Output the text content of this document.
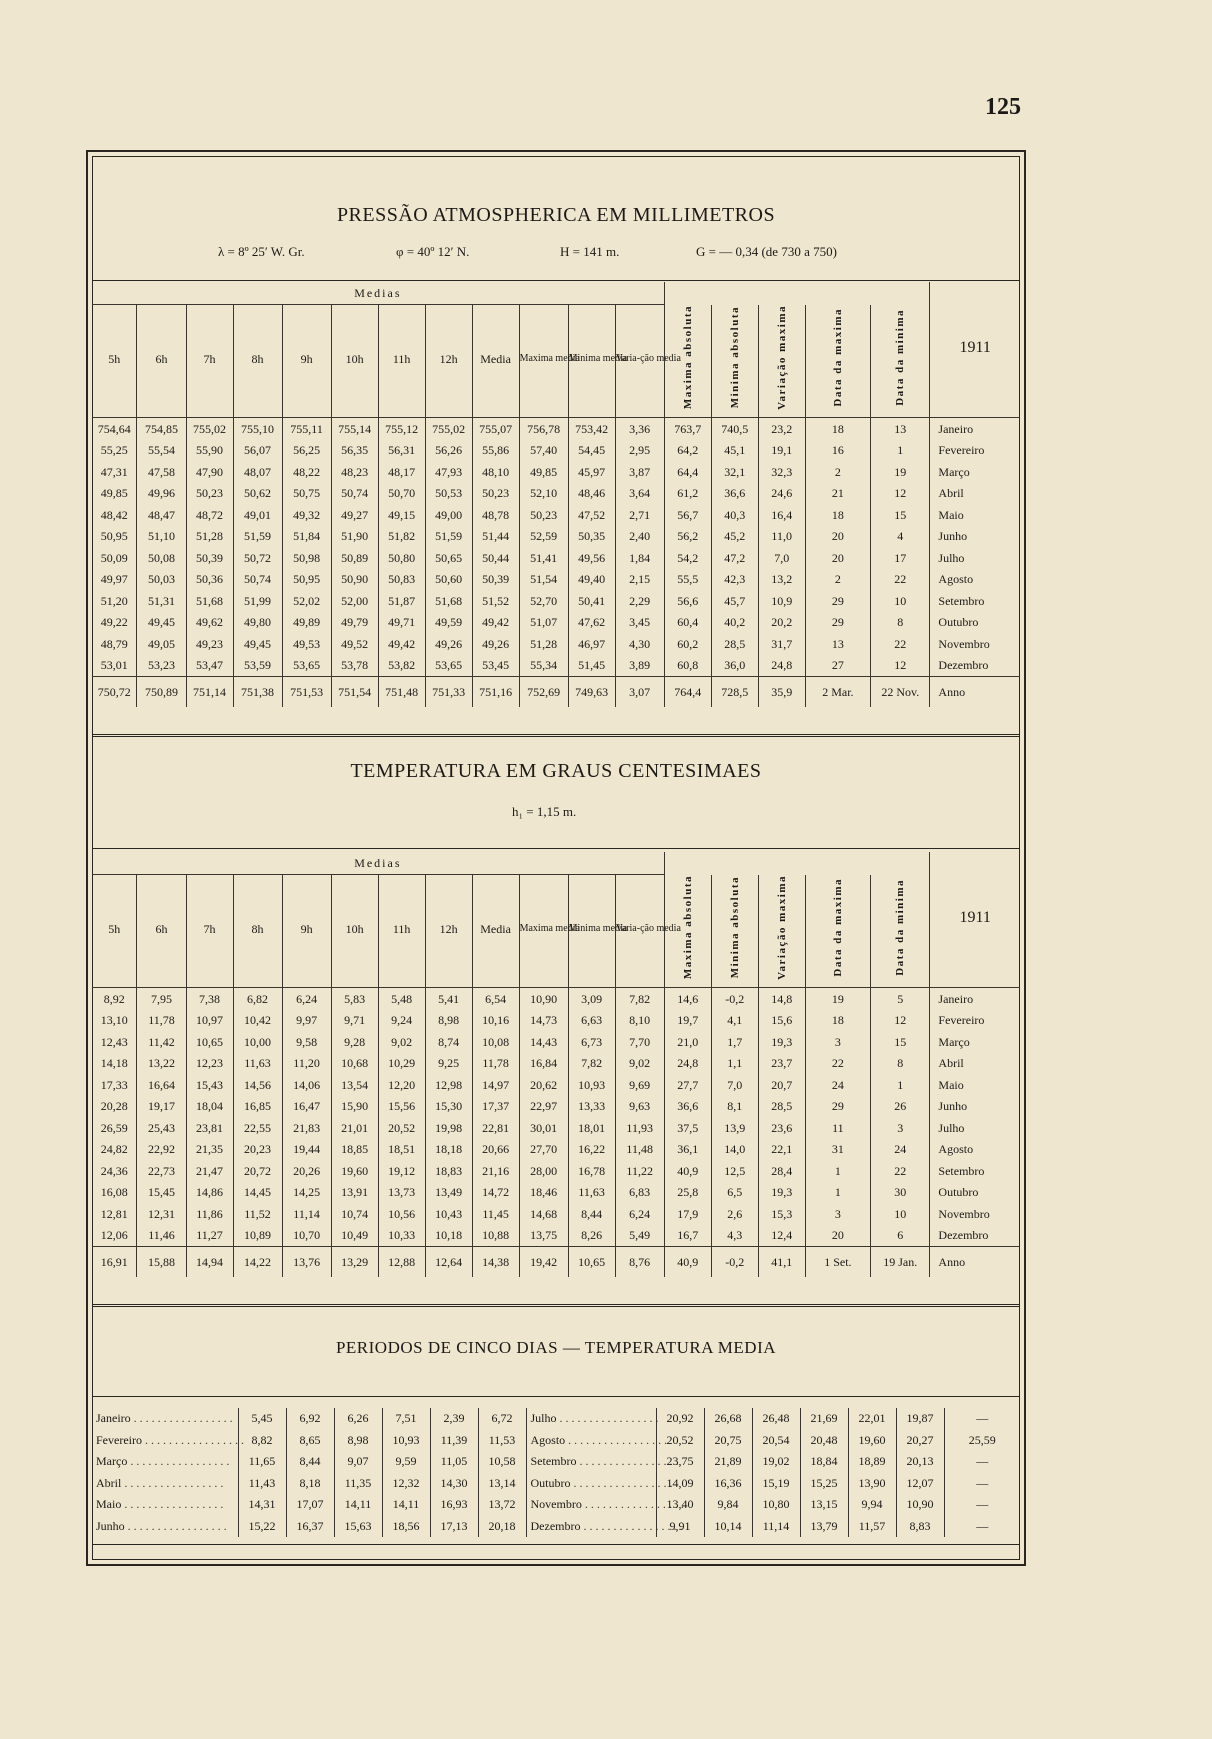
125
PRESSÃO ATMOSPHERICA EM MILLIMETROS
λ = 8º 25′ W. Gr.	φ = 40º 12′ N.	H = 141 m.	G = — 0,34 (de 730 a 750)
Medias																	1911
5h	6h	7h	8h	9h	10h	11h	12h	Media	Maxima media	Minima media	Varia-ção media	Maxima absoluta	Minima absoluta	Variação maxima	Data da maxima	Data da minima	

754,64	754,85	755,02	755,10	755,11	755,14	755,12	755,02	755,07	756,78	753,42	3,36	763,7	740,5	23,2	18	13	Janeiro
55,25	55,54	55,90	56,07	56,25	56,35	56,31	56,26	55,86	57,40	54,45	2,95	64,2	45,1	19,1	16	1	Fevereiro
47,31	47,58	47,90	48,07	48,22	48,23	48,17	47,93	48,10	49,85	45,97	3,87	64,4	32,1	32,3	2	19	Março
49,85	49,96	50,23	50,62	50,75	50,74	50,70	50,53	50,23	52,10	48,46	3,64	61,2	36,6	24,6	21	12	Abril
48,42	48,47	48,72	49,01	49,32	49,27	49,15	49,00	48,78	50,23	47,52	2,71	56,7	40,3	16,4	18	15	Maio
50,95	51,10	51,28	51,59	51,84	51,90	51,82	51,59	51,44	52,59	50,35	2,40	56,2	45,2	11,0	20	4	Junho
50,09	50,08	50,39	50,72	50,98	50,89	50,80	50,65	50,44	51,41	49,56	1,84	54,2	47,2	7,0	20	17	Julho
49,97	50,03	50,36	50,74	50,95	50,90	50,83	50,60	50,39	51,54	49,40	2,15	55,5	42,3	13,2	2	22	Agosto
51,20	51,31	51,68	51,99	52,02	52,00	51,87	51,68	51,52	52,70	50,41	2,29	56,6	45,7	10,9	29	10	Setembro
49,22	49,45	49,62	49,80	49,89	49,79	49,71	49,59	49,42	51,07	47,62	3,45	60,4	40,2	20,2	29	8	Outubro
48,79	49,05	49,23	49,45	49,53	49,52	49,42	49,26	49,26	51,28	46,97	4,30	60,2	28,5	31,7	13	22	Novembro
53,01	53,23	53,47	53,59	53,65	53,78	53,82	53,65	53,45	55,34	51,45	3,89	60,8	36,0	24,8	27	12	Dezembro
750,72	750,89	751,14	751,38	751,53	751,54	751,48	751,33	751,16	752,69	749,63	3,07	764,4	728,5	35,9	2 Mar.	22 Nov.	Anno
TEMPERATURA EM GRAUS CENTESIMAES
h₁ = 1,15 m.
Medias																	1911
5h	6h	7h	8h	9h	10h	11h	12h	Media	Maxima media	Minima media	Varia-ção media	Maxima absoluta	Minima absoluta	Variação maxima	Data da maxima	Data da minima	

8,92	7,95	7,38	6,82	6,24	5,83	5,48	5,41	6,54	10,90	3,09	7,82	14,6	-0,2	14,8	19	5	Janeiro
13,10	11,78	10,97	10,42	9,97	9,71	9,24	8,98	10,16	14,73	6,63	8,10	19,7	4,1	15,6	18	12	Fevereiro
12,43	11,42	10,65	10,00	9,58	9,28	9,02	8,74	10,08	14,43	6,73	7,70	21,0	1,7	19,3	3	15	Março
14,18	13,22	12,23	11,63	11,20	10,68	10,29	9,25	11,78	16,84	7,82	9,02	24,8	1,1	23,7	22	8	Abril
17,33	16,64	15,43	14,56	14,06	13,54	12,20	12,98	14,97	20,62	10,93	9,69	27,7	7,0	20,7	24	1	Maio
20,28	19,17	18,04	16,85	16,47	15,90	15,56	15,30	17,37	22,97	13,33	9,63	36,6	8,1	28,5	29	26	Junho
26,59	25,43	23,81	22,55	21,83	21,01	20,52	19,98	22,81	30,01	18,01	11,93	37,5	13,9	23,6	11	3	Julho
24,82	22,92	21,35	20,23	19,44	18,85	18,51	18,18	20,66	27,70	16,22	11,48	36,1	14,0	22,1	31	24	Agosto
24,36	22,73	21,47	20,72	20,26	19,60	19,12	18,83	21,16	28,00	16,78	11,22	40,9	12,5	28,4	1	22	Setembro
16,08	15,45	14,86	14,45	14,25	13,91	13,73	13,49	14,72	18,46	11,63	6,83	25,8	6,5	19,3	1	30	Outubro
12,81	12,31	11,86	11,52	11,14	10,74	10,56	10,43	11,45	14,68	8,44	6,24	17,9	2,6	15,3	3	10	Novembro
12,06	11,46	11,27	10,89	10,70	10,49	10,33	10,18	10,88	13,75	8,26	5,49	16,7	4,3	12,4	20	6	Dezembro
16,91	15,88	14,94	14,22	13,76	13,29	12,88	12,64	14,38	19,42	10,65	8,76	40,9	-0,2	41,1	1 Set.	19 Jan.	Anno
PERIODOS DE CINCO DIAS — TEMPERATURA MEDIA
Janeiro . . .	5,45	6,92	6,26	7,51	2,39	6,72	Julho . . .	20,92	26,68	26,48	21,69	22,01	19,87	—
Fevereiro . . .	8,82	8,65	8,98	10,93	11,39	11,53	Agosto . . .	20,52	20,75	20,54	20,48	19,60	20,27	25,59
Março . . .	11,65	8,44	9,07	9,59	11,05	10,58	Setembro . . .	23,75	21,89	19,02	18,84	18,89	20,13	—
Abril . . .	11,43	8,18	11,35	12,32	14,30	13,14	Outubro . . .	14,09	16,36	15,19	15,25	13,90	12,07	—
Maio . . .	14,31	17,07	14,11	14,11	16,93	13,72	Novembro . . .	13,40	9,84	10,80	13,15	9,94	10,90	—
Junho . . .	15,22	16,37	15,63	18,56	17,13	20,18	Dezembro . . .	9,91	10,14	11,14	13,79	11,57	8,83	—
